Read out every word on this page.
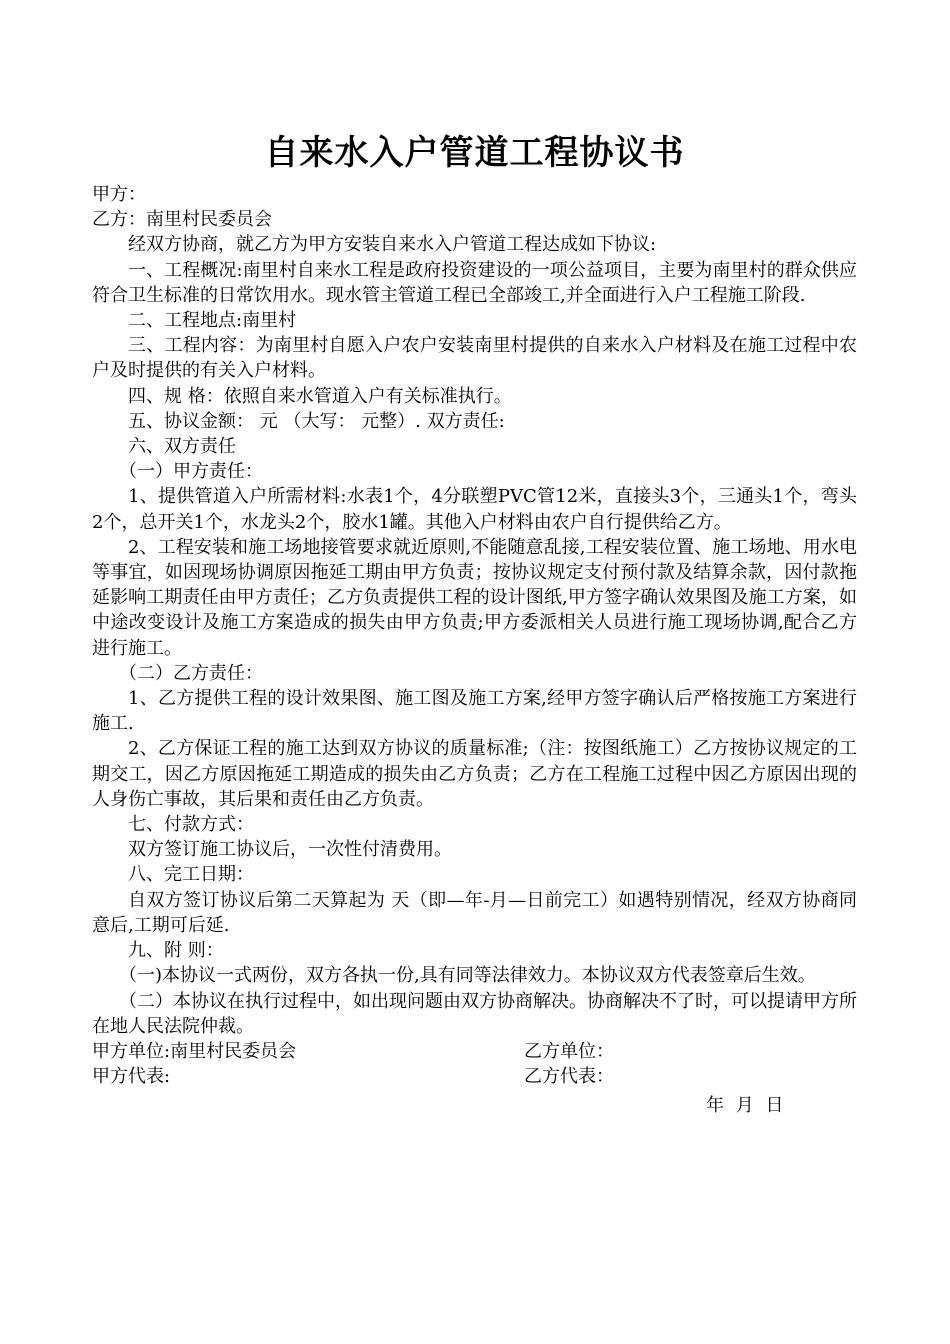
自来水入户管道工程协议书

甲方：

乙方：南里村民委员会

经双方协商，就乙方为甲方安装自来水入户管道工程达成如下协议:

一、工程概况:南里村自来水工程是政府投资建设的一项公益项目，主要为南里村的群众供应符合卫生标准的日常饮用水。现水管主管道工程已全部竣工,并全面进行入户工程施工阶段.

二、工程地点:南里村

三、工程内容：为南里村自愿入户农户安装南里村提供的自来水入户材料及在施工过程中农户及时提供的有关入户材料。

四、规 格：依照自来水管道入户有关标准执行。

五、协议金额： 元 （大写： 元整）. 双方责任:

六、双方责任

（一）甲方责任：

1、提供管道入户所需材料:水表1个，4分联塑PVC管12米，直接头3个，三通头1个，弯头2个，总开关1个，水龙头2个，胶水1罐。其他入户材料由农户自行提供给乙方。

2、工程安装和施工场地接管要求就近原则,不能随意乱接,工程安装位置、施工场地、用水电等事宜，如因现场协调原因拖延工期由甲方负责；按协议规定支付预付款及结算余款，因付款拖延影响工期责任由甲方责任；乙方负责提供工程的设计图纸,甲方签字确认效果图及施工方案，如中途改变设计及施工方案造成的损失由甲方负责;甲方委派相关人员进行施工现场协调,配合乙方进行施工。

（二）乙方责任：

1、乙方提供工程的设计效果图、施工图及施工方案,经甲方签字确认后严格按施工方案进行施工.

2、乙方保证工程的施工达到双方协议的质量标准;（注：按图纸施工）乙方按协议规定的工期交工，因乙方原因拖延工期造成的损失由乙方负责；乙方在工程施工过程中因乙方原因出现的人身伤亡事故，其后果和责任由乙方负责。

七、付款方式：

双方签订施工协议后，一次性付清费用。

八、完工日期：

自双方签订协议后第二天算起为 天（即—年-月—日前完工）如遇特别情况，经双方协商同意后,工期可后延.

九、附 则：

（一)本协议一式两份，双方各执一份,具有同等法律效力。本协议双方代表签章后生效。

（二）本协议在执行过程中，如出现问题由双方协商解决。协商解决不了时，可以提请甲方所在地人民法院仲裁。

甲方单位:南里村民委员会	乙方单位：
甲方代表:	乙方代表：
年 月 日
